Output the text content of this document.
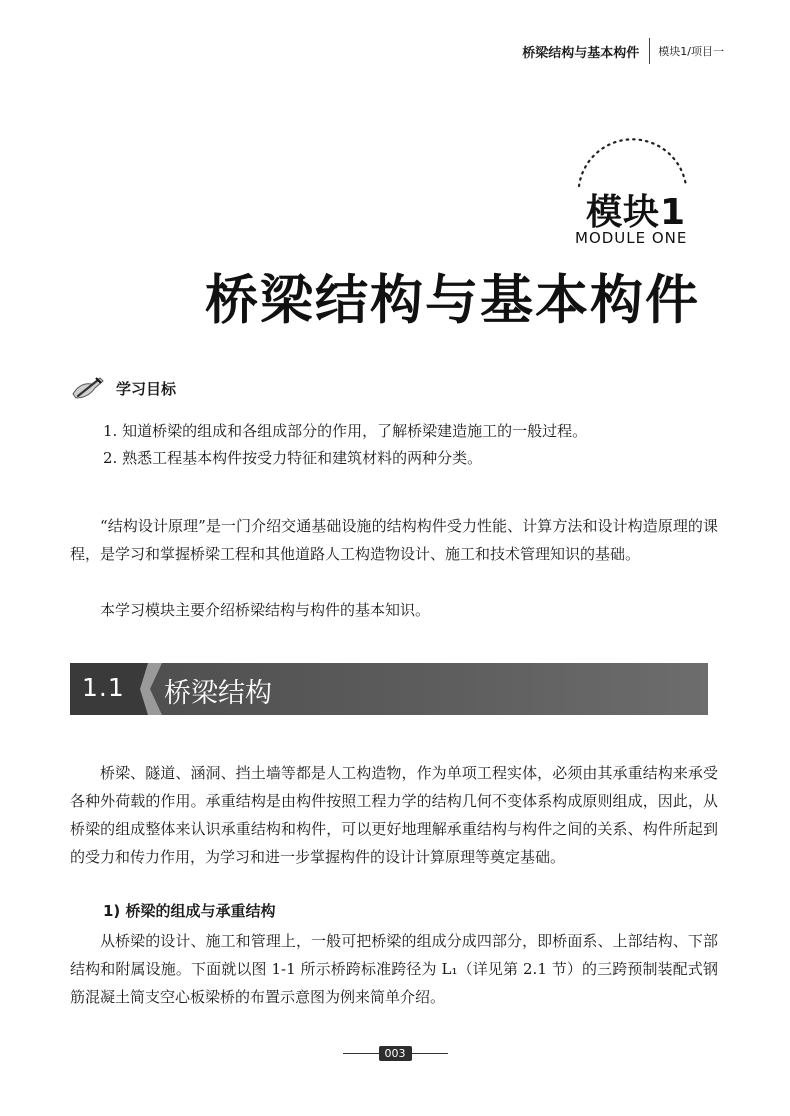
桥梁结构与基本构件	模块1/项目一
模块1
MODULE ONE
桥梁结构与基本构件
学习目标
1. 知道桥梁的组成和各组成部分的作用，了解桥梁建造施工的一般过程。
2. 熟悉工程基本构件按受力特征和建筑材料的两种分类。

“结构设计原理”是一门介绍交通基础设施的结构构件受力性能、计算方法和设计构造原理的课程，是学习和掌握桥梁工程和其他道路人工构造物设计、施工和技术管理知识的基础。

本学习模块主要介绍桥梁结构与构件的基本知识。

1.1 桥梁结构

桥梁、隧道、涵洞、挡土墙等都是人工构造物，作为单项工程实体，必须由其承重结构来承受各种外荷载的作用。承重结构是由构件按照工程力学的结构几何不变体系构成原则组成，因此，从桥梁的组成整体来认识承重结构和构件，可以更好地理解承重结构与构件之间的关系、构件所起到的受力和传力作用，为学习和进一步掌握构件的设计计算原理等奠定基础。

1) 桥梁的组成与承重结构

从桥梁的设计、施工和管理上，一般可把桥梁的组成分成四部分，即桥面系、上部结构、下部结构和附属设施。下面就以图 1-1 所示桥跨标准跨径为 L₁（详见第 2.1 节）的三跨预制装配式钢筋混凝土简支空心板梁桥的布置示意图为例来简单介绍。

003
